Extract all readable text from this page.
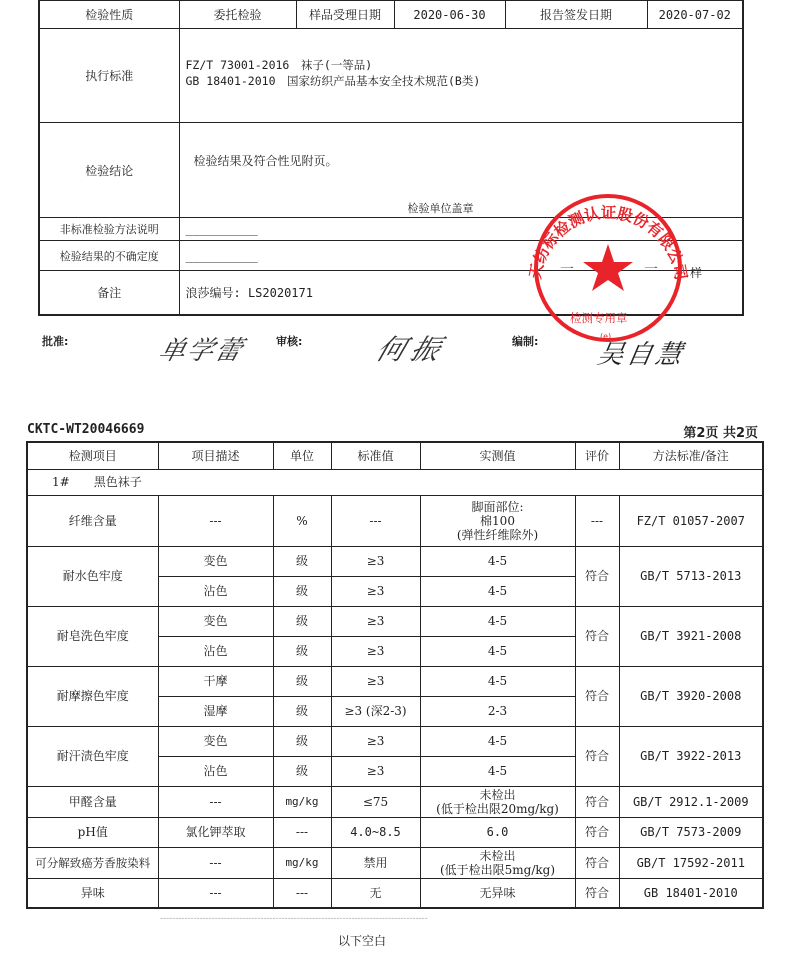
检验性质	委托检验	样品受理日期	2020-06-30	报告签发日期	2020-07-02
执行标准	FZ/T 73001-2016　袜子(一等品)
GB 18401-2010　国家纺织产品基本安全技术规范(B类)				

检验结论	检验结果及符合性见附页。
检验单位盖章				

非标准检验方法说明	__________				
检验结果的不确定度	__________				
备注	浪莎编号: LS2020171				
批准:	单学蕾	审核: 何振	编制:
天纺标检测认证股份有限公司
一	一
检测专用章
(e)
样
吴自慧
CKTC-WT20046669	第2页 共2页
检测项目	项目描述	单位	标准值	实测值	评价	方法标准/备注
1#　　黑色袜子						
纤维含量	---	%	---	脚面部位:
棉100
(弹性纤维除外)	---	FZ/T 01057-2007
耐水色牢度	变色	级	≥3	4-5	符合	GB/T 5713-2013
	沾色	级	≥3	4-5		
耐皂洗色牢度	变色	级	≥3	4-5	符合	GB/T 3921-2008
	沾色	级	≥3	4-5		
耐摩擦色牢度	干摩	级	≥3	4-5	符合	GB/T 3920-2008
	湿摩	级	≥3 (深2-3)	2-3		
耐汗渍色牢度	变色	级	≥3	4-5	符合	GB/T 3922-2013
	沾色	级	≥3	4-5		
甲醛含量	---	mg/kg	≤75	未检出
(低于检出限20mg/kg)	符合	GB/T 2912.1-2009
pH值	氯化钾萃取	---	4.0~8.5	6.0	符合	GB/T 7573-2009
可分解致癌芳香胺染料	---	mg/kg	禁用	未检出
(低于检出限5mg/kg)	符合	GB/T 17592-2011
异味	---	---	无	无异味	符合	GB 18401-2010
----------------------------------------------------------------------------------------
以下空白
